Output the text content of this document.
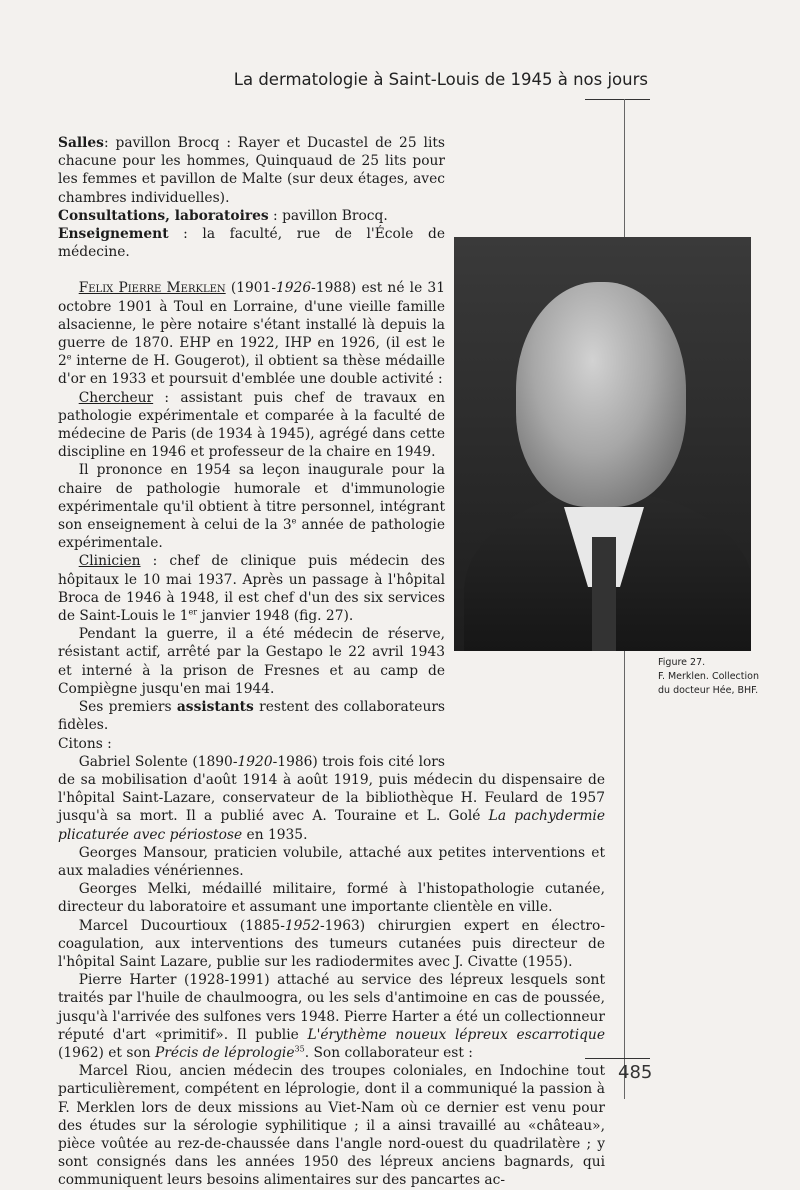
La dermatologie à Saint-Louis de 1945 à nos jours
485
Figure 27.
F. Merklen. Collection
du docteur Hée, BHF.

Salles: pavillon Brocq : Rayer et Ducastel de 25 lits chacune pour les hommes, Quinquaud de 25 lits pour les femmes et pavillon de Malte (sur deux étages, avec chambres individuelles).

Consultations, laboratoires : pavillon Brocq.

Enseignement : la faculté, rue de l'École de médecine.

Felix Pierre Merklen (1901-1926-1988) est né le 31 octobre 1901 à Toul en Lorraine, d'une vieille famille alsacienne, le père notaire s'étant installé là depuis la guerre de 1870. EHP en 1922, IHP en 1926, (il est le 2e interne de H. Gougerot), il obtient sa thèse médaille d'or en 1933 et poursuit d'emblée une double activité :

Chercheur : assistant puis chef de travaux en pathologie expérimentale et comparée à la faculté de médecine de Paris (de 1934 à 1945), agrégé dans cette discipline en 1946 et professeur de la chaire en 1949.

Il prononce en 1954 sa leçon inaugurale pour la chaire de pathologie humorale et d'immunologie expérimentale qu'il obtient à titre personnel, intégrant son enseignement à celui de la 3e année de pathologie expérimentale.

Clinicien : chef de clinique puis médecin des hôpitaux le 10 mai 1937. Après un passage à l'hôpital Broca de 1946 à 1948, il est chef d'un des six services de Saint-Louis le 1er janvier 1948 (fig. 27).

Pendant la guerre, il a été médecin de réserve, résistant actif, arrêté par la Gestapo le 22 avril 1943 et interné à la prison de Fresnes et au camp de Compiègne jusqu'en mai 1944.

Ses premiers assistants restent des collaborateurs fidèles.

Citons :

Gabriel Solente (1890-1920-1986) trois fois cité lors de sa mobilisation d'août 1914 à août 1919, puis médecin du dispensaire de l'hôpital Saint-Lazare, conservateur de la bibliothèque H. Feulard de 1957 jusqu'à sa mort. Il a publié avec A. Touraine et L. Golé La pachydermie plicaturée avec périostose en 1935.

Georges Mansour, praticien volubile, attaché aux petites interventions et aux maladies vénériennes.

Georges Melki, médaillé militaire, formé à l'histopathologie cutanée, directeur du laboratoire et assumant une importante clientèle en ville.

Marcel Ducourtioux (1885-1952-1963) chirurgien expert en électro-coagulation, aux interventions des tumeurs cutanées puis directeur de l'hôpital Saint Lazare, publie sur les radiodermites avec J. Civatte (1955).

Pierre Harter (1928-1991) attaché au service des lépreux lesquels sont traités par l'huile de chaulmoogra, ou les sels d'antimoine en cas de poussée, jusqu'à l'arrivée des sulfones vers 1948. Pierre Harter a été un collectionneur réputé d'art «primitif». Il publie L'érythème noueux lépreux escarrotique (1962) et son Précis de léprologie$^{35}$. Son collaborateur est :

Marcel Riou, ancien médecin des troupes coloniales, en Indochine tout particulièrement, compétent en léprologie, dont il a communiqué la passion à F. Merklen lors de deux missions au Viet-Nam où ce dernier est venu pour des études sur la sérologie syphilitique ; il a ainsi travaillé au «château», pièce voûtée au rez-de-chaussée dans l'angle nord-ouest du quadrilatère ; y sont consignés dans les années 1950 des lépreux anciens bagnards, qui communiquent leurs besoins alimentaires sur des pancartes ac-
